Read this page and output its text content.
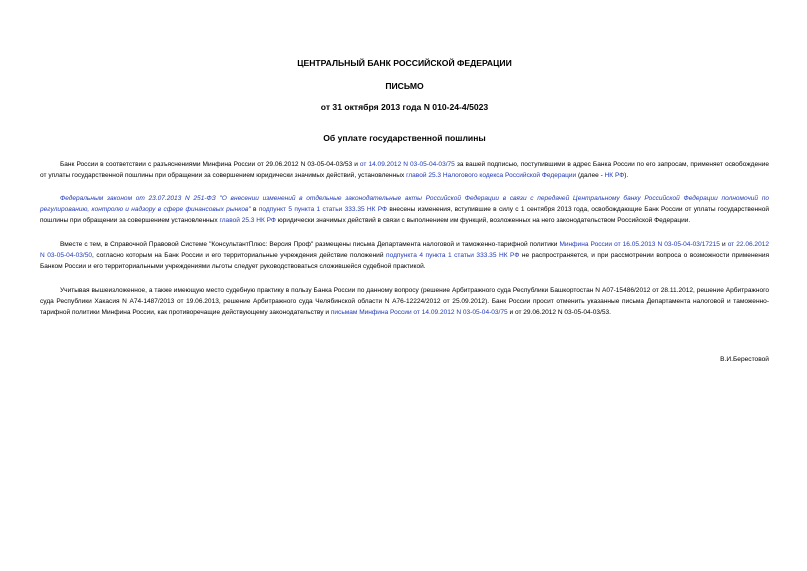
ЦЕНТРАЛЬНЫЙ БАНК РОССИЙСКОЙ ФЕДЕРАЦИИ
ПИСЬМО
от 31 октября 2013 года N 010-24-4/5023
Об уплате государственной пошлины
Банк России в соответствии с разъяснениями Минфина России от 29.06.2012 N 03-05-04-03/53 и от 14.09.2012 N 03-05-04-03/75 за вашей подписью, поступившими в адрес Банка России по его запросам, применяет освобождение от уплаты государственной пошлины при обращении за совершением юридически значимых действий, установленных главой 25.3 Налогового кодекса Российской Федерации (далее - НК РФ).
Федеральным законом от 23.07.2013 N 251-ФЗ "О внесении изменений в отдельные законодательные акты Российской Федерации в связи с передачей Центральному банку Российской Федерации полномочий по регулированию, контролю и надзору в сфере финансовых рынков" в подпункт 5 пункта 1 статьи 333.35 НК РФ внесены изменения, вступившие в силу с 1 сентября 2013 года, освобождающие Банк России от уплаты государственной пошлины при обращении за совершением установленных главой 25.3 НК РФ юридически значимых действий в связи с выполнением им функций, возложенных на него законодательством Российской Федерации.
Вместе с тем, в Справочной Правовой Системе "КонсультантПлюс: Версия Проф" размещены письма Департамента налоговой и таможенно-тарифной политики Минфина России от 16.05.2013 N 03-05-04-03/17215 и от 22.06.2012 N 03-05-04-03/50, согласно которым на Банк России и его территориальные учреждения действие положений подпункта 4 пункта 1 статьи 333.35 НК РФ не распространяется, и при рассмотрении вопроса о возможности применения Банком России и его территориальными учреждениями льготы следует руководствоваться сложившейся судебной практикой.
Учитывая вышеизложенное, а также имеющую место судебную практику в пользу Банка России по данному вопросу (решение Арбитражного суда Республики Башкортостан N А07-15486/2012 от 28.11.2012, решение Арбитражного суда Республики Хакасия N А74-1487/2013 от 19.06.2013, решение Арбитражного суда Челябинской области N А76-12224/2012 от 25.09.2012). Банк России просит отменить указанные письма Департамента налоговой и таможенно-тарифной политики Минфина России, как противоречащие действующему законодательству и письмам Минфина России от 14.09.2012 N 03-05-04-03/75 и от 29.06.2012 N 03-05-04-03/53.
В.И.Берестовой
